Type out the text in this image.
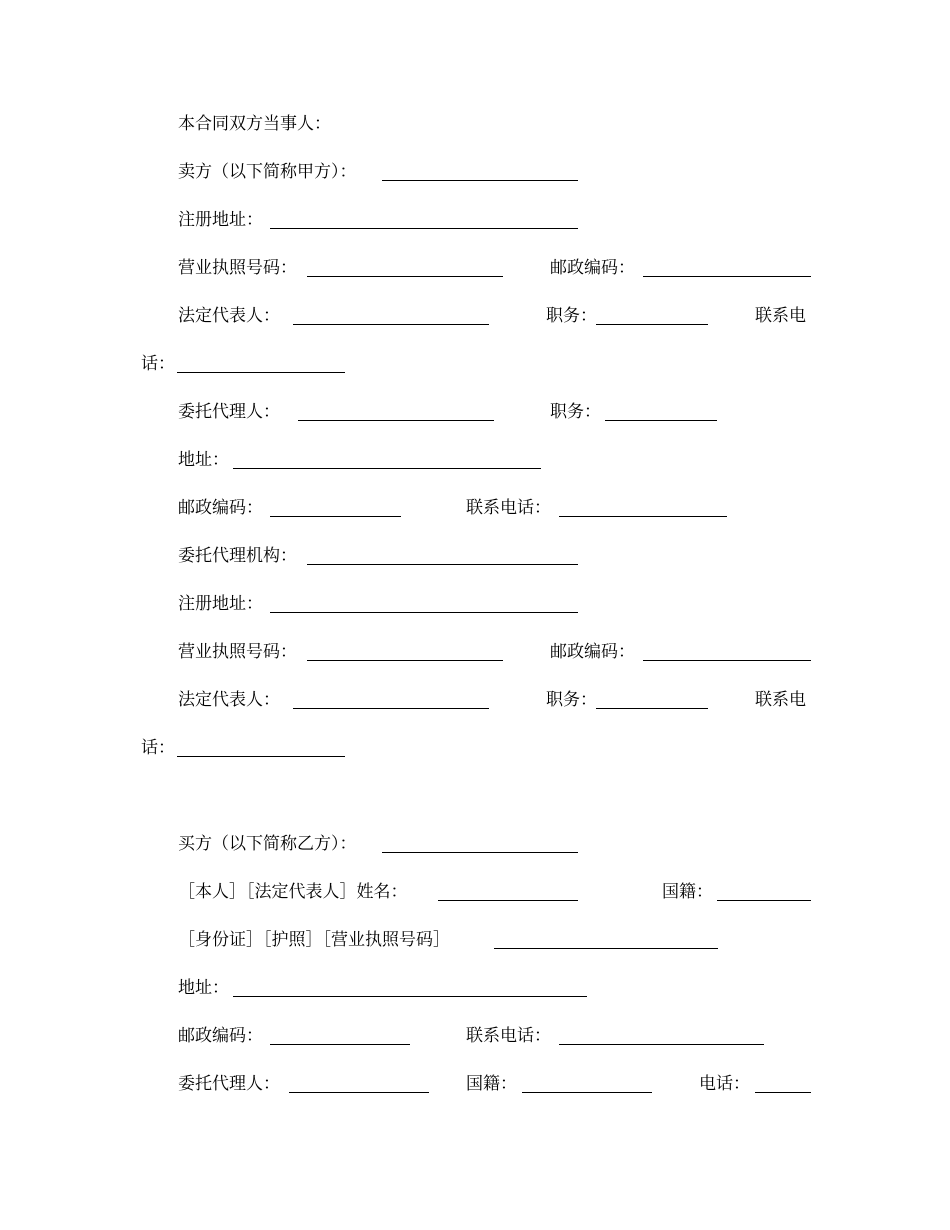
本合同双方当事人：
卖方（以下简称甲方）：
注册地址：
营业执照号码：	邮政编码：
法定代表人：	职务：	联系电
话：
委托代理人：	职务：
地址：
邮政编码：	联系电话：
委托代理机构：
注册地址：
营业执照号码：	邮政编码：
法定代表人：	职务：	联系电
话：
买方（以下简称乙方）：
［本人］［法定代表人］姓名：	国籍：
［身份证］［护照］［营业执照号码］
地址：
邮政编码：	联系电话：
委托代理人：	国籍：	电话：
